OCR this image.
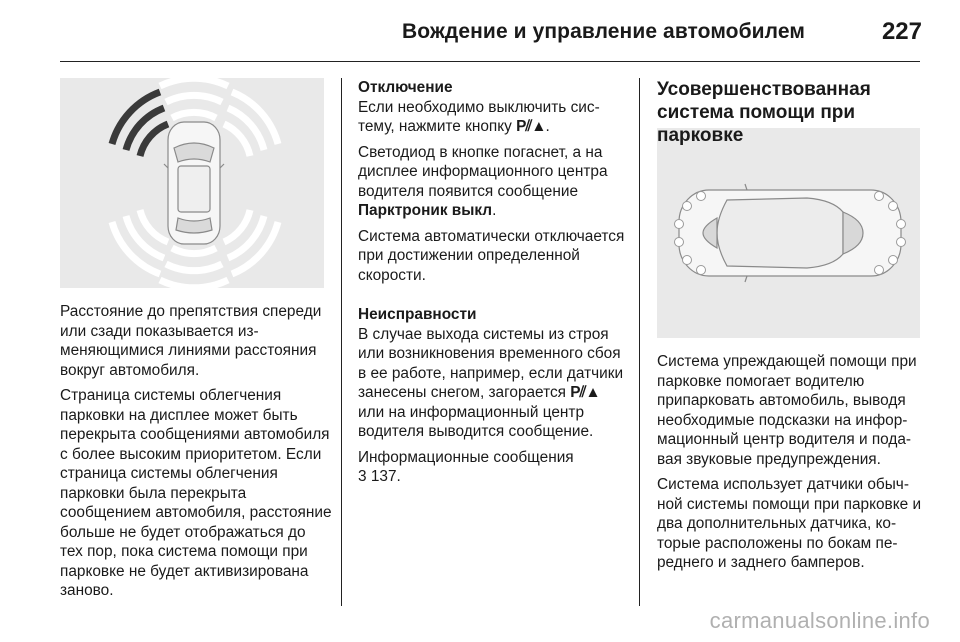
Вождение и управление автомобилем	227

Расстояние до препятствия спереди или сзади показывается изменяющимися линиями расстояния вокруг автомобиля.

Страница системы облегчения парковки на дисплее может быть перекрыта сообщениями автомобиля с более высоким приоритетом. Если страница системы облегчения парковки была перекрыта сообщением автомобиля, расстояние больше не будет отображаться до тех пор, пока система помощи при парковке не будет активизирована заново.

Отключение

Если необходимо выключить систему, нажмите кнопку P⫽▲.

Светодиод в кнопке погаснет, а на дисплее информационного центра водителя появится сообщение Парктроник выкл.

Система автоматически отключается при достижении определенной скорости.

Неисправности

В случае выхода системы из строя или возникновения временного сбоя в ее работе, например, если датчики занесены снегом, загорается P⫽▲ или на информационный центр водителя выводится сообщение.

Информационные сообщения

3 137.

Усовершенствованная система помощи при парковке

Система упреждающей помощи при парковке помогает водителю припарковать автомобиль, выводя необходимые подсказки на информационный центр водителя и подавая звуковые предупреждения.

Система использует датчики обычной системы помощи при парковке и два дополнительных датчика, которые расположены по бокам переднего и заднего бамперов.

carmanualsonline.info
